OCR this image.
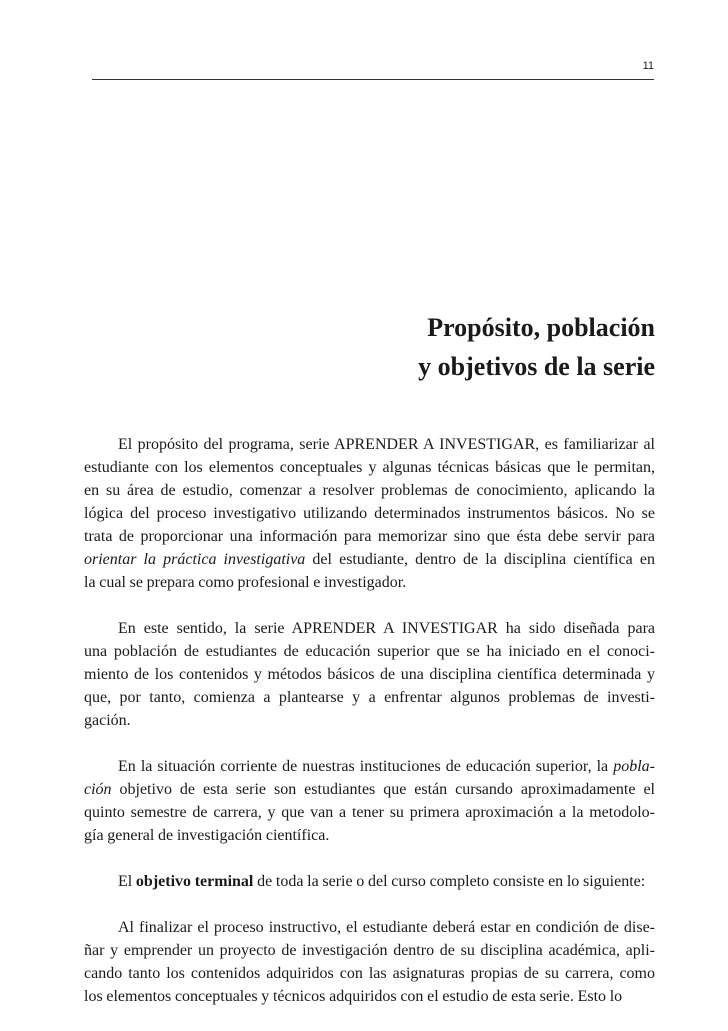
11
Propósito, población
y objetivos de la serie
El propósito del programa, serie APRENDER A INVESTIGAR, es familiarizar al
estudiante con los elementos conceptuales y algunas técnicas básicas que le permitan,
en su área de estudio, comenzar a resolver problemas de conocimiento, aplicando la
lógica del proceso investigativo utilizando determinados instrumentos básicos. No se
trata de proporcionar una información para memorizar sino que ésta debe servir para
orientar la práctica investigativa del estudiante, dentro de la disciplina científica en
la cual se prepara como profesional e investigador.
En este sentido, la serie APRENDER A INVESTIGAR ha sido diseñada para
una población de estudiantes de educación superior que se ha iniciado en el conoci-
miento de los contenidos y métodos básicos de una disciplina científica determinada y
que, por tanto, comienza a plantearse y a enfrentar algunos problemas de investi-
gación.
En la situación corriente de nuestras instituciones de educación superior, la pobla-
ción objetivo de esta serie son estudiantes que están cursando aproximadamente el
quinto semestre de carrera, y que van a tener su primera aproximación a la metodolo-
gía general de investigación científica.
El objetivo terminal de toda la serie o del curso completo consiste en lo siguiente:
Al finalizar el proceso instructivo, el estudiante deberá estar en condición de dise-
ñar y emprender un proyecto de investigación dentro de su disciplina académica, apli-
cando tanto los contenidos adquiridos con las asignaturas propias de su carrera, como
los elementos conceptuales y técnicos adquiridos con el estudio de esta serie. Esto lo
